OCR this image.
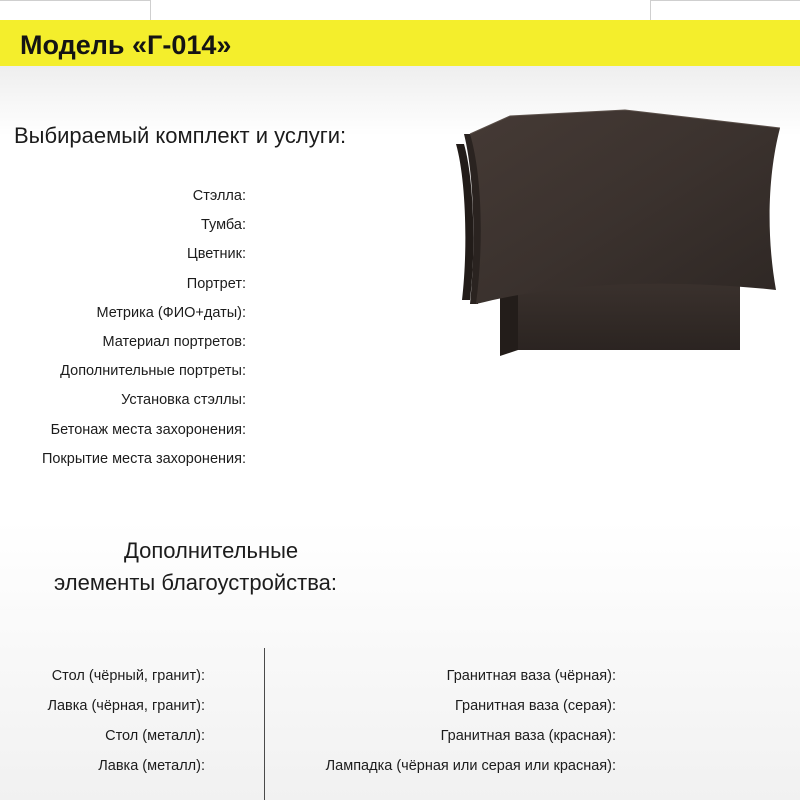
Модель «Г-014»
Выбираемый комплект и услуги:
Стэлла:
Тумба:
Цветник:
Портрет:
Метрика (ФИО+даты):
Материал портретов:
Дополнительные портреты:
Установка стэллы:
Бетонаж места захоронения:
Покрытие места захоронения:
Дополнительные
элементы благоустройства:
Стол (чёрный, гранит):
Лавка (чёрная, гранит):
Стол (металл):
Лавка (металл):
Гранитная ваза (чёрная):
Гранитная ваза (серая):
Гранитная ваза (красная):
Лампадка (чёрная или серая или красная):
